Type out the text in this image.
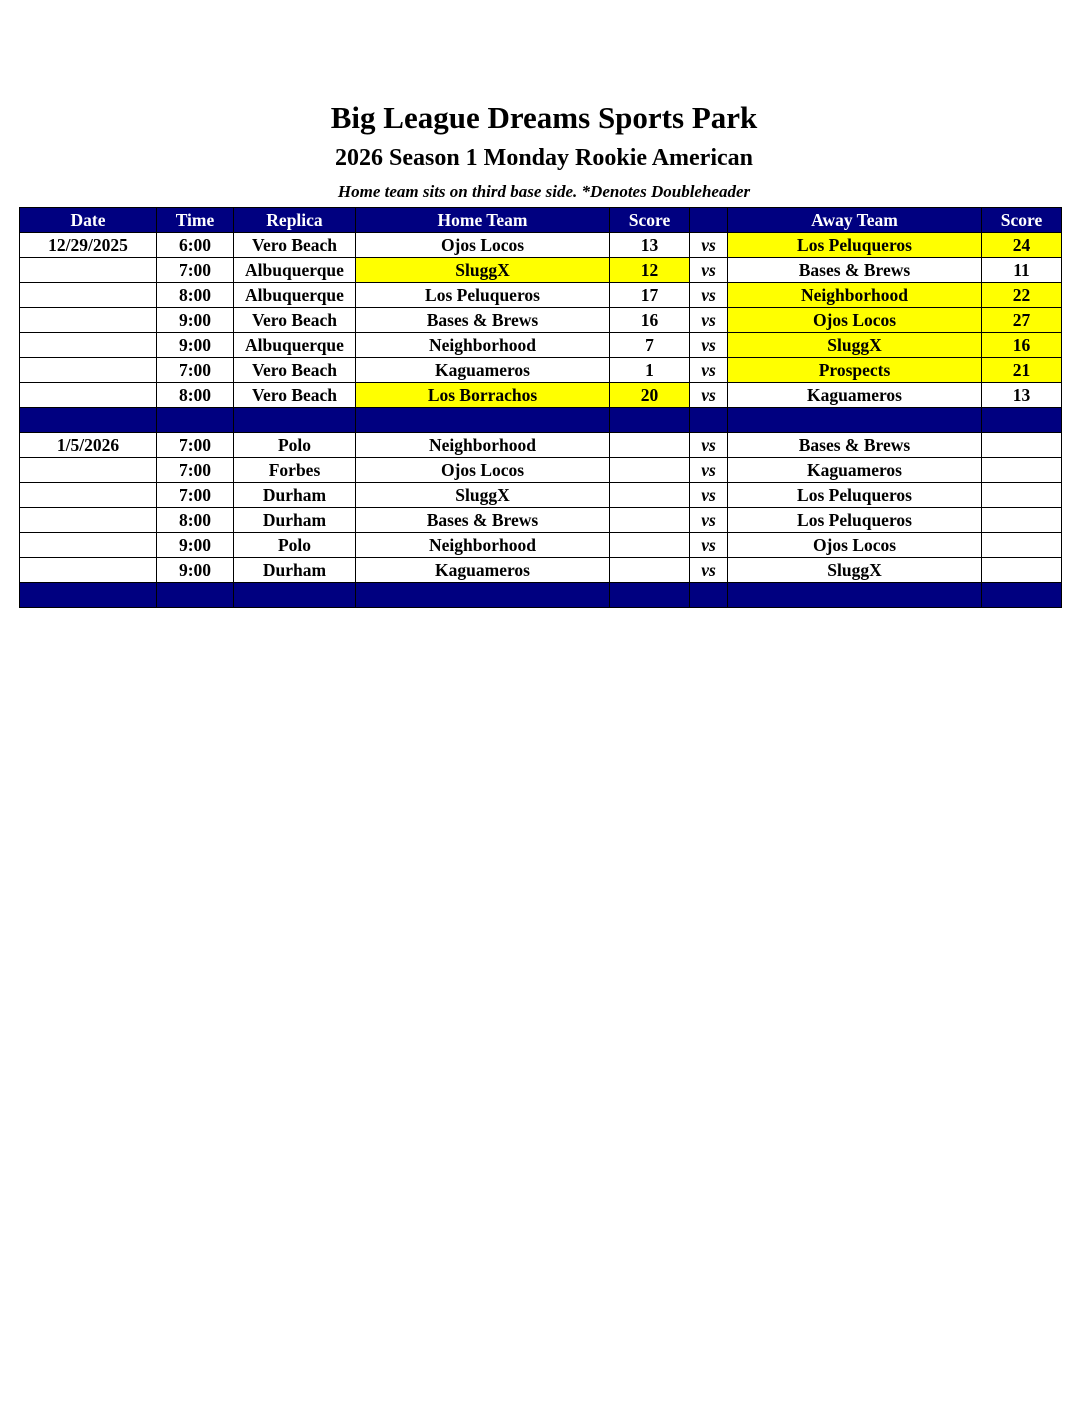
Big League Dreams Sports Park
2026 Season 1 Monday Rookie American
Home team sits on third base side. *Denotes Doubleheader
Date	Time	Replica	Home Team	Score		Away Team	Score
12/29/2025	6:00	Vero Beach	Ojos Locos	13	vs	Los Peluqueros	24
	7:00	Albuquerque	SluggX	12	vs	Bases & Brews	11
	8:00	Albuquerque	Los Peluqueros	17	vs	Neighborhood	22
	9:00	Vero Beach	Bases & Brews	16	vs	Ojos Locos	27
	9:00	Albuquerque	Neighborhood	7	vs	SluggX	16
	7:00	Vero Beach	Kaguameros	1	vs	Prospects	21
	8:00	Vero Beach	Los Borrachos	20	vs	Kaguameros	13

1/5/2026	7:00	Polo	Neighborhood		vs	Bases & Brews	
	7:00	Forbes	Ojos Locos		vs	Kaguameros	
	7:00	Durham	SluggX		vs	Los Peluqueros	
	8:00	Durham	Bases & Brews		vs	Los Peluqueros	
	9:00	Polo	Neighborhood		vs	Ojos Locos	
	9:00	Durham	Kaguameros		vs	SluggX	
